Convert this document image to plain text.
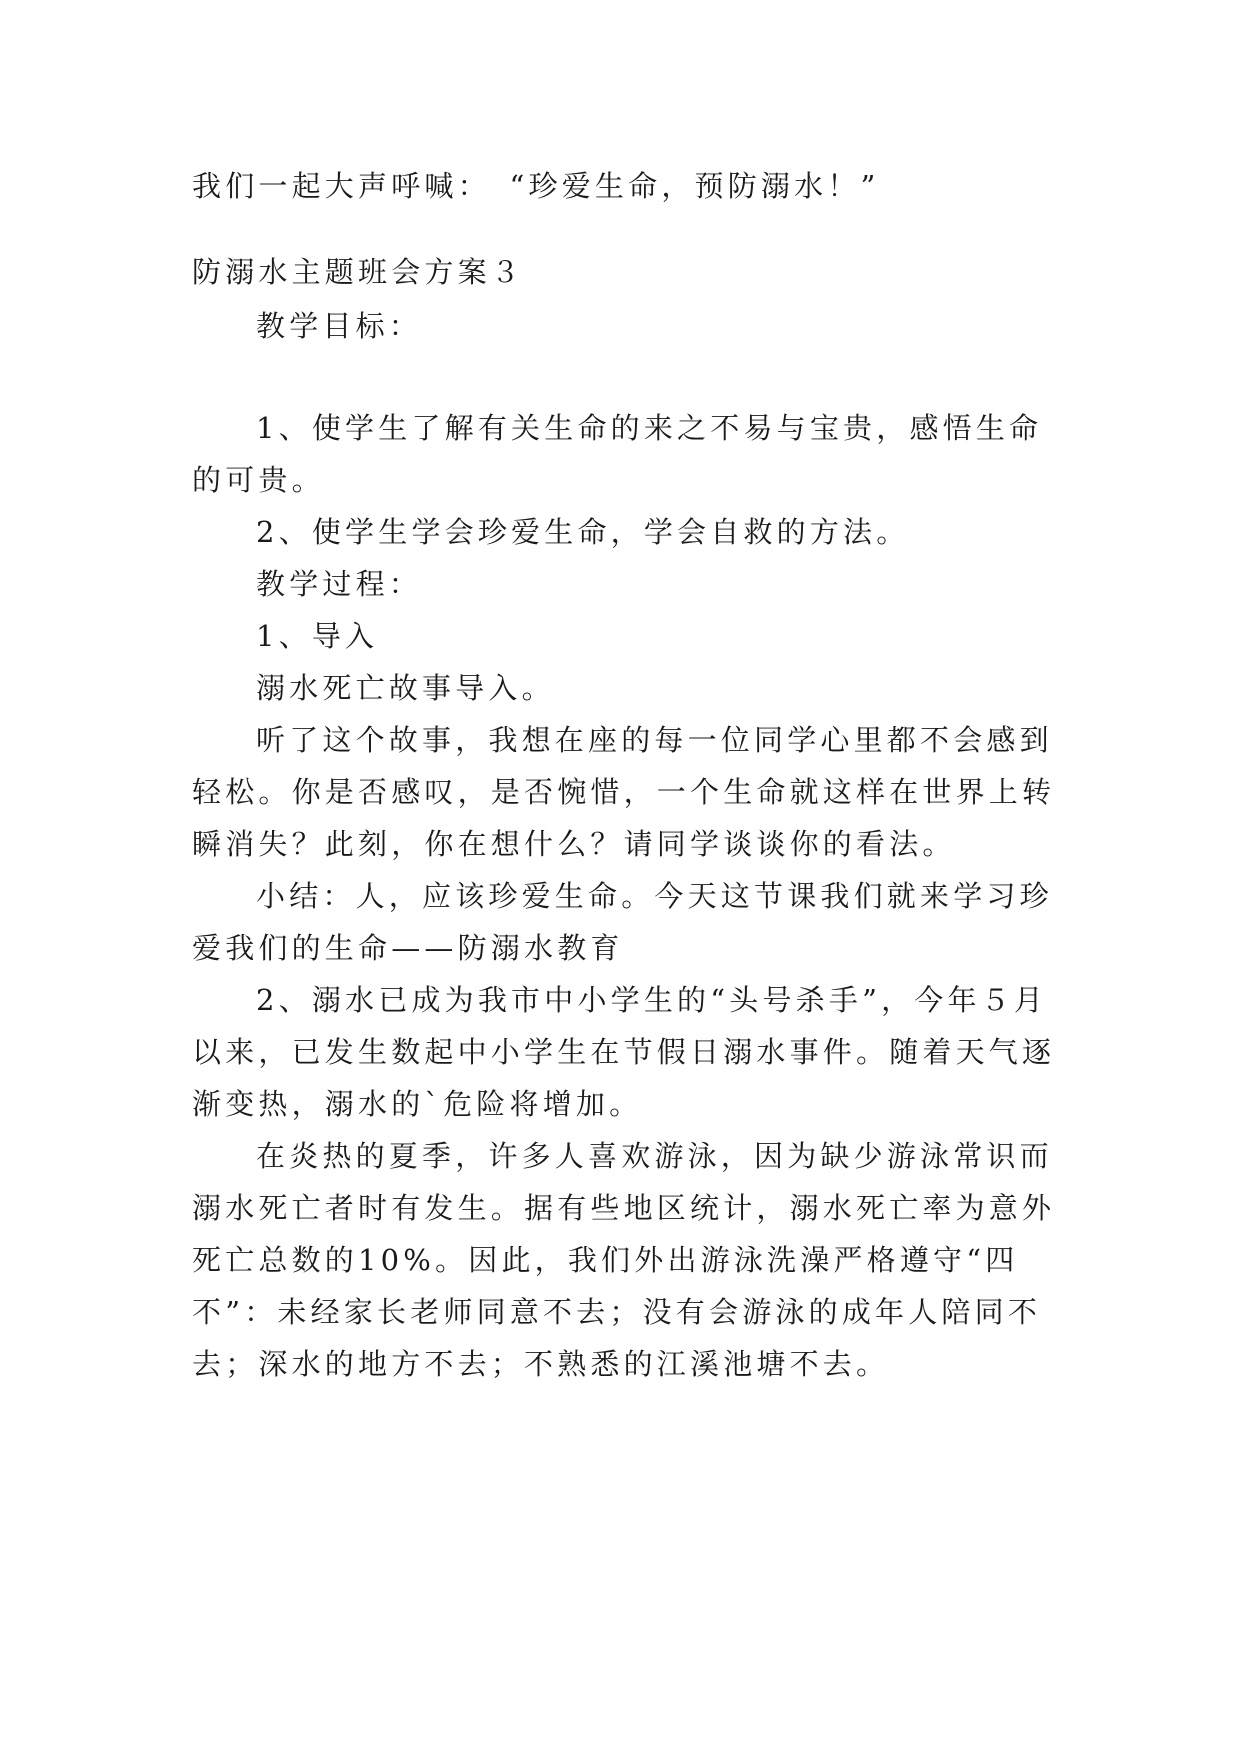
我们一起大声呼喊：　“珍爱生命，预防溺水！”
防溺水主题班会方案３
教学目标：
1、使学生了解有关生命的来之不易与宝贵，感悟生命
的可贵。
2、使学生学会珍爱生命，学会自救的方法。
教学过程：
1、导入
溺水死亡故事导入。
听了这个故事，我想在座的每一位同学心里都不会感到
轻松。你是否感叹，是否惋惜，一个生命就这样在世界上转
瞬消失？此刻，你在想什么？请同学谈谈你的看法。
小结：人，应该珍爱生命。今天这节课我们就来学习珍
爱我们的生命——防溺水教育
2、溺水已成为我市中小学生的“头号杀手”，今年５月
以来，已发生数起中小学生在节假日溺水事件。随着天气逐
渐变热，溺水的`危险将增加。
在炎热的夏季，许多人喜欢游泳，因为缺少游泳常识而
溺水死亡者时有发生。据有些地区统计，溺水死亡率为意外
死亡总数的10%。因此，我们外出游泳洗澡严格遵守“四
不”：未经家长老师同意不去；没有会游泳的成年人陪同不
去；深水的地方不去；不熟悉的江溪池塘不去。
